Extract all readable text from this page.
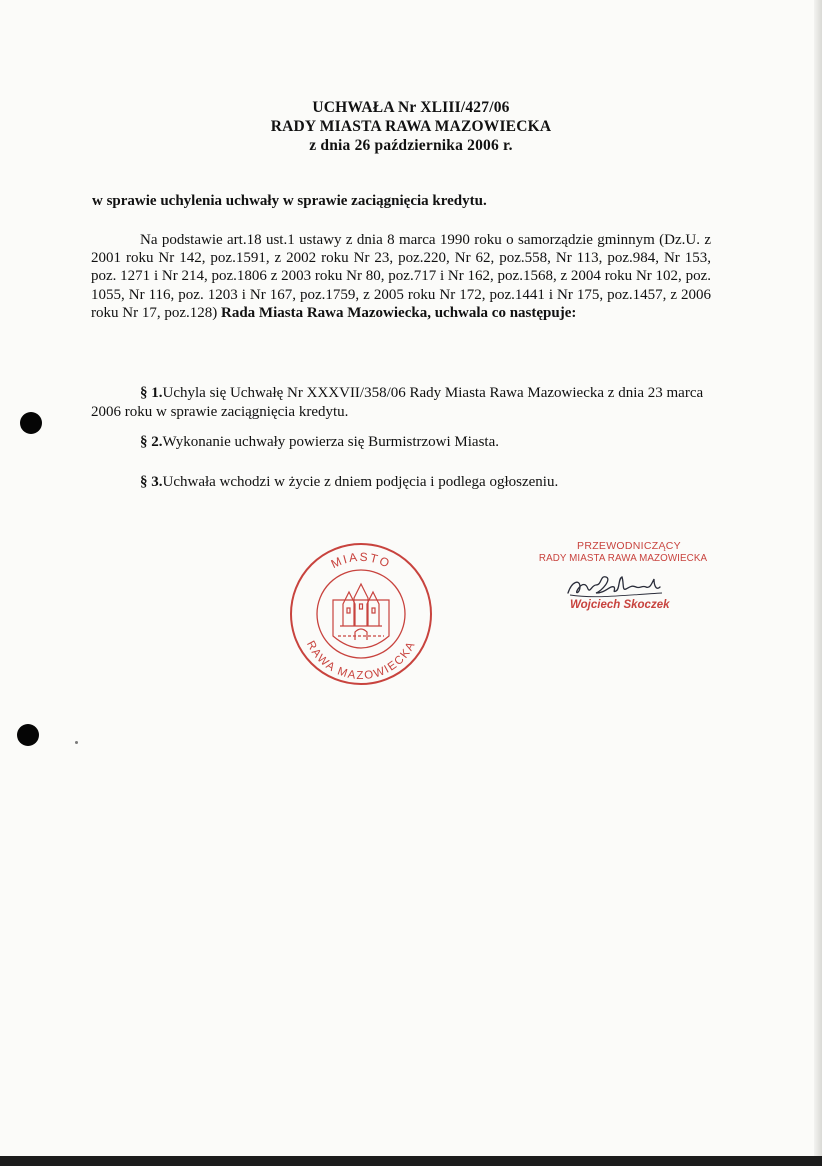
UCHWAŁA Nr XLIII/427/06
RADY MIASTA RAWA MAZOWIECKA
z dnia 26 października 2006 r.
w sprawie uchylenia uchwały w sprawie zaciągnięcia kredytu.

Na podstawie art.18 ust.1 ustawy z dnia 8 marca 1990 roku o samorządzie gminnym (Dz.U. z 2001 roku Nr 142, poz.1591, z 2002 roku Nr 23, poz.220, Nr 62, poz.558, Nr 113, poz.984, Nr 153, poz. 1271 i Nr 214, poz.1806 z 2003 roku Nr 80, poz.717 i Nr 162, poz.1568, z 2004 roku Nr 102, poz. 1055, Nr 116, poz. 1203 i Nr 167, poz.1759, z 2005 roku Nr 172, poz.1441 i Nr 175, poz.1457, z 2006 roku Nr 17, poz.128) Rada Miasta Rawa Mazowiecka, uchwala co następuje:

§ 1.Uchyla się Uchwałę Nr XXXVII/358/06 Rady Miasta Rawa Mazowiecka z dnia 23 marca 2006 roku w sprawie zaciągnięcia kredytu.
§ 2.Wykonanie uchwały powierza się Burmistrzowi Miasta.
§ 3.Uchwała wchodzi w życie z dniem podjęcia i podlega ogłoszeniu.
MIASTO
RAWA MAZOWIECKA
PRZEWODNICZĄCY
RADY MIASTA RAWA MAZOWIECKA
Wojciech Skoczek
